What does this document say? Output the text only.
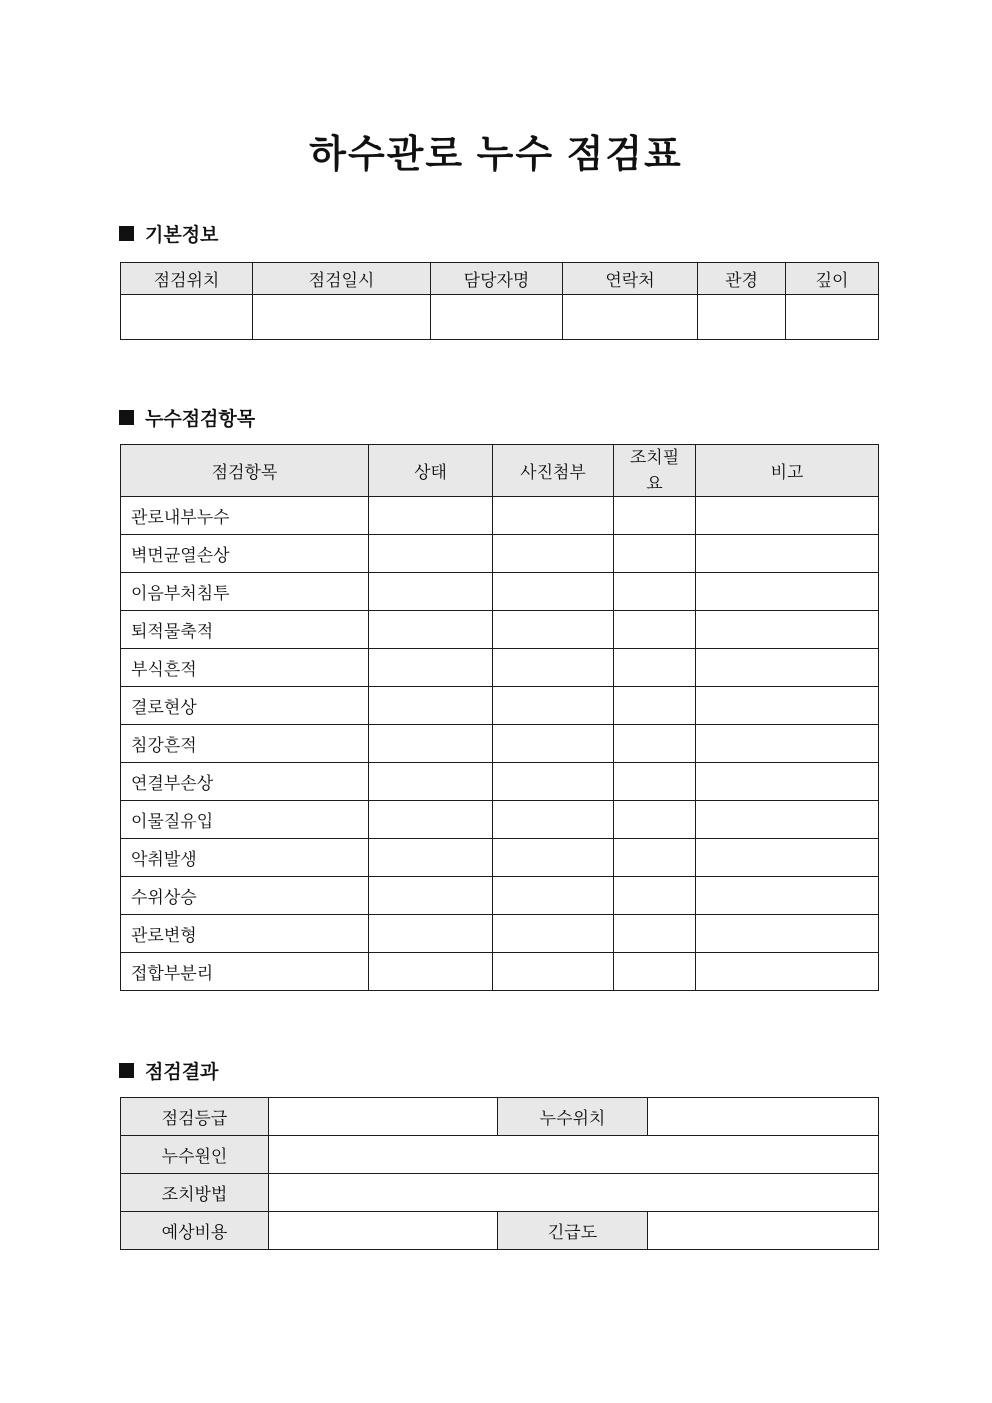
하수관로 누수 점검표
기본정보
점검위치	점검일시	담당자명	연락처	관경	깊이

누수점검항목
점검항목	상태	사진첨부	조치필요	비고
관로내부누수				
벽면균열손상				
이음부처침투				
퇴적물축적				
부식흔적				
결로현상				
침강흔적				
연결부손상				
이물질유입				
악취발생				
수위상승				
관로변형				
접합부분리				
점검결과
점검등급		누수위치	
누수원인			
조치방법			
예상비용		긴급도	
